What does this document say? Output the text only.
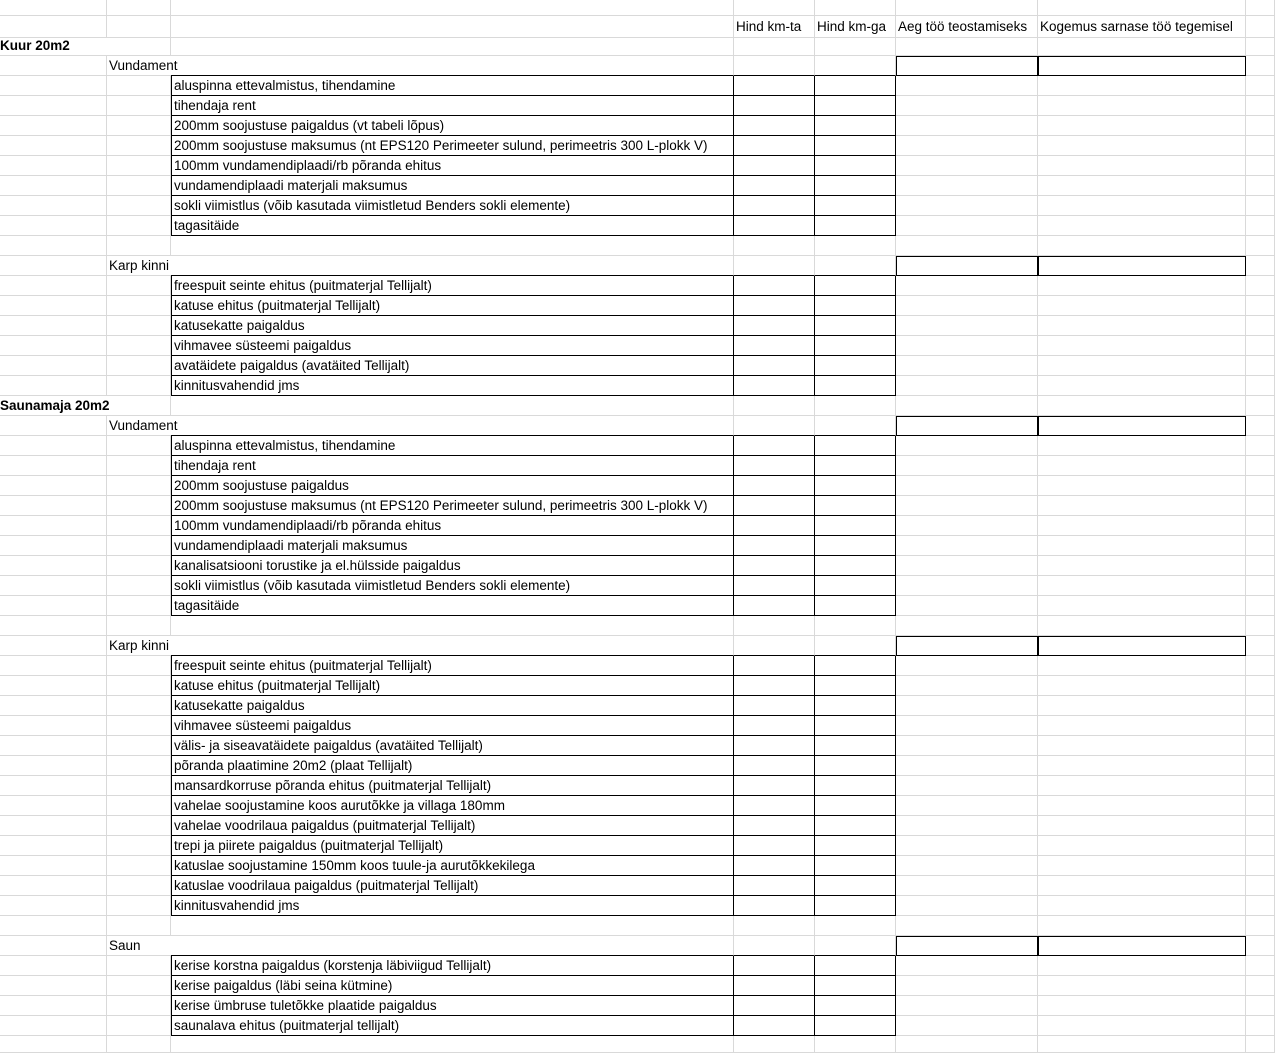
Hind km-ta	Hind km-ga Aeg töö teostamiseks Kogemus sarnase töö tegemisel
Kuur 20m2
Vundament
aluspinna ettevalmistus, tihendamine
tihendaja rent
200mm soojustuse paigaldus (vt tabeli lõpus)
200mm soojustuse maksumus (nt EPS120 Perimeeter sulund, perimeetris 300 L-plokk V)
100mm vundamendiplaadi/rb põranda ehitus
vundamendiplaadi materjali maksumus
sokli viimistlus (võib kasutada viimistletud Benders sokli elemente)
tagasitäide
Karp kinni
freespuit seinte ehitus (puitmaterjal Tellijalt)
katuse ehitus (puitmaterjal Tellijalt)
katusekatte paigaldus
vihmavee süsteemi paigaldus
avatäidete paigaldus (avatäited Tellijalt)
kinnitusvahendid jms
Saunamaja 20m2
Vundament
aluspinna ettevalmistus, tihendamine
tihendaja rent
200mm soojustuse paigaldus
200mm soojustuse maksumus (nt EPS120 Perimeeter sulund, perimeetris 300 L-plokk V)
100mm vundamendiplaadi/rb põranda ehitus
vundamendiplaadi materjali maksumus
kanalisatsiooni torustike ja el.hülsside paigaldus
sokli viimistlus (võib kasutada viimistletud Benders sokli elemente)
tagasitäide
Karp kinni
freespuit seinte ehitus (puitmaterjal Tellijalt)
katuse ehitus (puitmaterjal Tellijalt)
katusekatte paigaldus
vihmavee süsteemi paigaldus
välis- ja siseavatäidete paigaldus (avatäited Tellijalt)
põranda plaatimine 20m2 (plaat Tellijalt)
mansardkorruse põranda ehitus (puitmaterjal Tellijalt)
vahelae soojustamine koos aurutõkke ja villaga 180mm
vahelae voodrilaua paigaldus (puitmaterjal Tellijalt)
trepi ja piirete paigaldus (puitmaterjal Tellijalt)
katuslae soojustamine 150mm koos tuule-ja aurutõkkekilega
katuslae voodrilaua paigaldus (puitmaterjal Tellijalt)
kinnitusvahendid jms
Saun
kerise korstna paigaldus (korstenja läbiviigud Tellijalt)
kerise paigaldus (läbi seina kütmine)
kerise ümbruse tuletõkke plaatide paigaldus
saunalava ehitus (puitmaterjal tellijalt)
